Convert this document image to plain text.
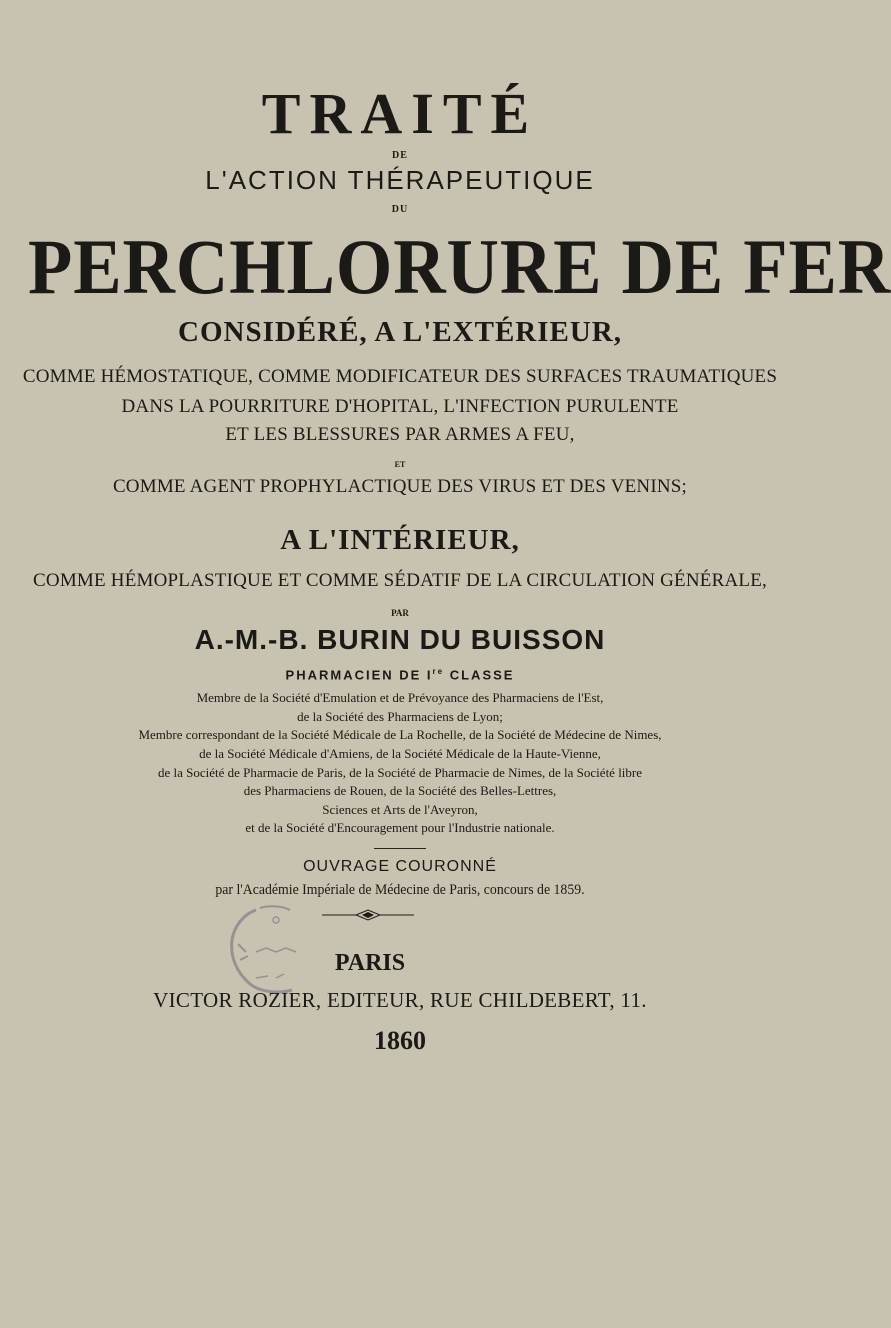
TRAITÉ
DE
L'ACTION THÉRAPEUTIQUE
DU
PERCHLORURE DE FER
CONSIDÉRÉ, A L'EXTÉRIEUR,
COMME HÉMOSTATIQUE, COMME MODIFICATEUR DES SURFACES TRAUMATIQUES
DANS LA POURRITURE D'HOPITAL, L'INFECTION PURULENTE
ET LES BLESSURES PAR ARMES A FEU,
ET
COMME AGENT PROPHYLACTIQUE DES VIRUS ET DES VENINS;
A L'INTÉRIEUR,
COMME HÉMOPLASTIQUE ET COMME SÉDATIF DE LA CIRCULATION GÉNÉRALE,
PAR
A.-M.-B. BURIN DU BUISSON
PHARMACIEN DE Ire CLASSE
Membre de la Société d'Emulation et de Prévoyance des Pharmaciens de l'Est,
de la Société des Pharmaciens de Lyon;
Membre correspondant de la Société Médicale de La Rochelle, de la Société de Médecine de Nimes,
de la Société Médicale d'Amiens, de la Société Médicale de la Haute-Vienne,
de la Société de Pharmacie de Paris, de la Société de Pharmacie de Nimes, de la Société libre
des Pharmaciens de Rouen, de la Société des Belles-Lettres,
Sciences et Arts de l'Aveyron,
et de la Société d'Encouragement pour l'Industrie nationale.
OUVRAGE COURONNÉ
par l'Académie Impériale de Médecine de Paris, concours de 1859.
PARIS
VICTOR ROZIER, EDITEUR, RUE CHILDEBERT, 11.
1860
